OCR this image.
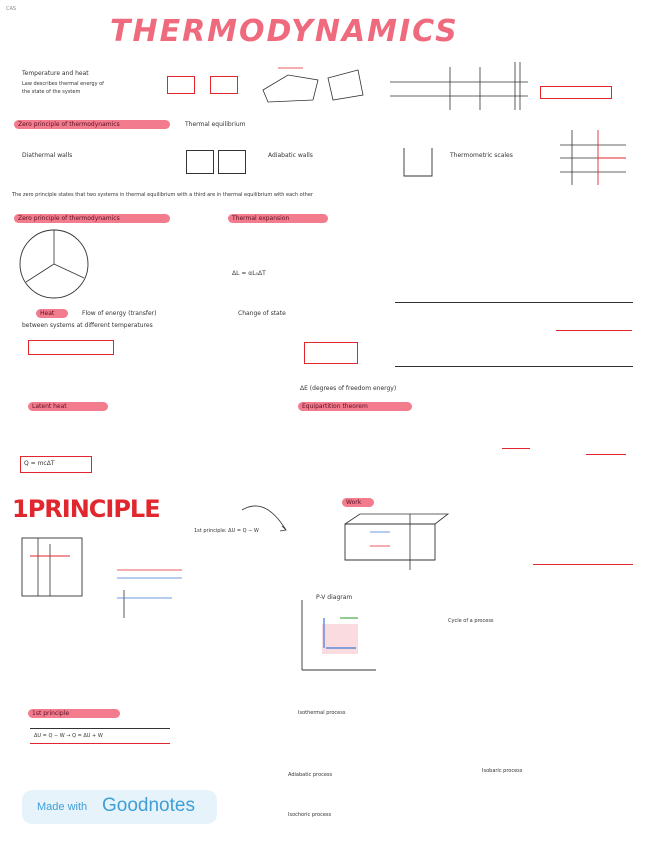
CAS
THERMODYNAMICS
Temperature and heat
Law describes thermal energy of
the state of the system
Zero principle of thermodynamics	Thermal equilibrium
Diathermal walls	Adiabatic walls	Thermometric scales
The zero principle states that two systems in thermal equilibrium with a third are in thermal equilibrium with each other
Zero principle of thermodynamics	Thermal expansion
ΔL = αL₀ΔT
Heat	Flow of energy (transfer)
between systems at different temperatures
Change of state
ΔE (degrees of freedom energy)
Latent heat	Equipartition theorem
Q = mcΔT
1PRINCIPLE
1st principle: ΔU = Q − W
Work
P-V diagram
Cycle of a process
1st principle
ΔU = Q − W → Q = ΔU + W
Isothermal process
Adiabatic process
Isobaric process
Isochoric process
Made with Goodnotes
